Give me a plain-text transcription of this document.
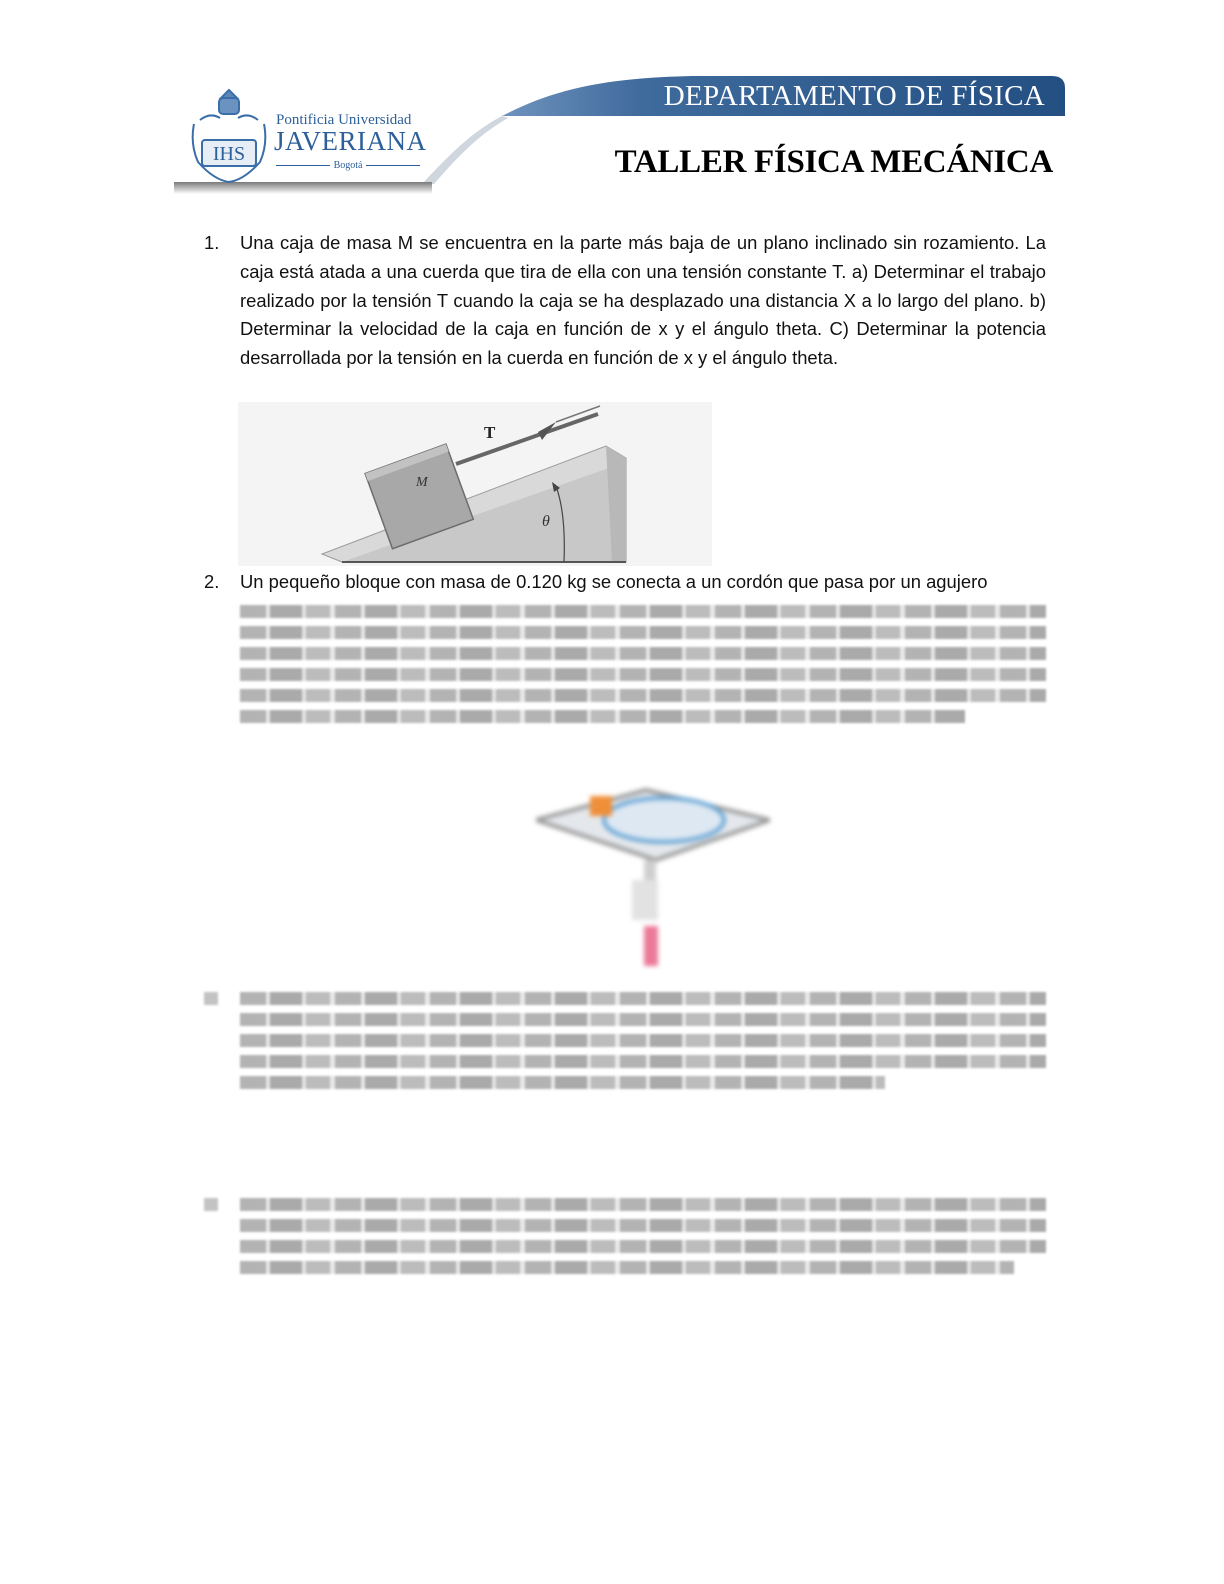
IHS
Pontificia Universidad
JAVERIANA
Bogotá
DEPARTAMENTO DE FÍSICA
TALLER FÍSICA MECÁNICA
1.	Una caja de masa M se encuentra en la parte más baja de un plano inclinado sin rozamiento. La caja está atada a una cuerda que tira de ella con una tensión constante T. a) Determinar el trabajo realizado por la tensión T cuando la caja se ha desplazado una distancia X a lo largo del plano. b) Determinar la velocidad de la caja en función de x y el ángulo theta. C) Determinar la potencia desarrollada por la tensión en la cuerda en función de x y el ángulo theta.
M
T
θ
2.	Un pequeño bloque con masa de 0.120 kg se conecta a un cordón que pasa por un agujero
